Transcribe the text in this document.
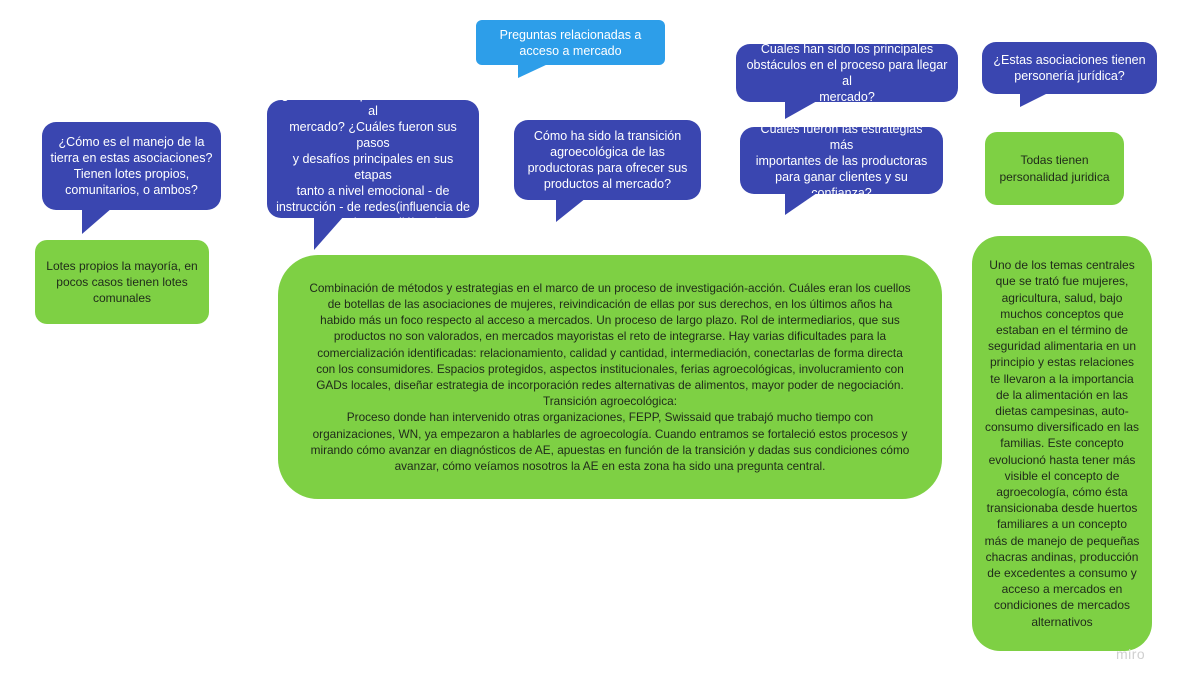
Preguntas relacionadas a
acceso a mercado
¿Cómo es el manejo de la
tierra en estas asociaciones?
Tienen lotes propios,
comunitarios, o ambos?
¿Cómo fue el proceso de acceso al
mercado? ¿Cuáles fueron sus pasos
y desafíos principales en sus etapas
tanto a nivel emocional - de
instrucción - de redes(influencia de
organizaciones - diálogo)?
Cómo ha sido la transición
agroecológica de las
productoras para ofrecer sus
productos al mercado?
Cuales han sido los principales
obstáculos en el proceso para llegar al
mercado?
Cuáles fueron las estrategias más
importantes de las productoras
para ganar clientes y su confianza?
¿Estas asociaciones tienen
personería jurídica?
Lotes propios la mayoría, en
pocos casos tienen lotes
comunales
Combinación de métodos y estrategias en el marco de un proceso de investigación-acción. Cuáles eran los cuellos
de botellas de las asociaciones de mujeres, reivindicación de ellas por sus derechos, en los últimos años ha
habido más un foco respecto al acceso a mercados. Un proceso de largo plazo. Rol de intermediarios, que sus
productos no son valorados, en mercados mayoristas el reto de integrarse. Hay varias dificultades para la
comercialización identificadas: relacionamiento, calidad y cantidad, intermediación, conectarlas de forma directa
con los consumidores. Espacios protegidos, aspectos institucionales, ferias agroecológicas, involucramiento con
GADs locales, diseñar estrategia de incorporación redes alternativas de alimentos, mayor poder de negociación.
Transición agroecológica:
Proceso donde han intervenido otras organizaciones, FEPP, Swissaid que trabajó mucho tiempo con
organizaciones, WN, ya empezaron a hablarles de agroecología. Cuando entramos se fortaleció estos procesos y
mirando cómo avanzar en diagnósticos de AE, apuestas en función de la transición y dadas sus condiciones cómo
avanzar, cómo veíamos nosotros la AE en esta zona ha sido una pregunta central.
Todas tienen
personalidad juridica
Uno de los temas centrales
que se trató fue mujeres,
agricultura, salud, bajo
muchos conceptos que
estaban en el término de
seguridad alimentaria en un
principio y estas relaciones
te llevaron a la importancia
de la alimentación en las
dietas campesinas, auto-
consumo diversificado en las
familias. Este concepto
evolucionó hasta tener más
visible el concepto de
agroecología, cómo ésta
transicionaba desde huertos
familiares a un concepto
más de manejo de pequeñas
chacras andinas, producción
de excedentes a consumo y
acceso a mercados en
condiciones de mercados
alternativos
miro
